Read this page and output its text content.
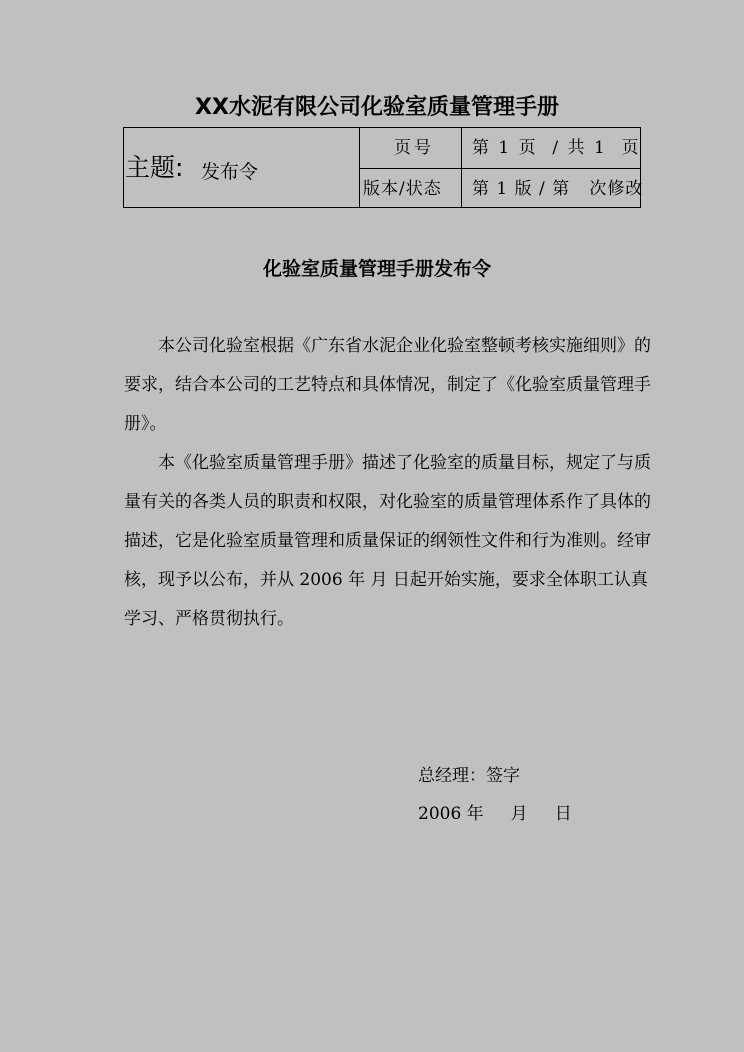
XX水泥有限公司化验室质量管理手册
主题: 发布令
页号 第 1 页  / 共 1  页
版本/状态 第 1 版 / 第   次修改
化验室质量管理手册发布令

本公司化验室根据《广东省水泥企业化验室整顿考核实施细则》的要求，结合本公司的工艺特点和具体情况，制定了《化验室质量管理手册》。

本《化验室质量管理手册》描述了化验室的质量目标，规定了与质量有关的各类人员的职责和权限，对化验室的质量管理体系作了具体的描述，它是化验室质量管理和质量保证的纲领性文件和行为准则。经审核，现予以公布，并从 2006 年 月 日起开始实施，要求全体职工认真学习、严格贯彻执行。

总经理：签字
2006 年     月     日
